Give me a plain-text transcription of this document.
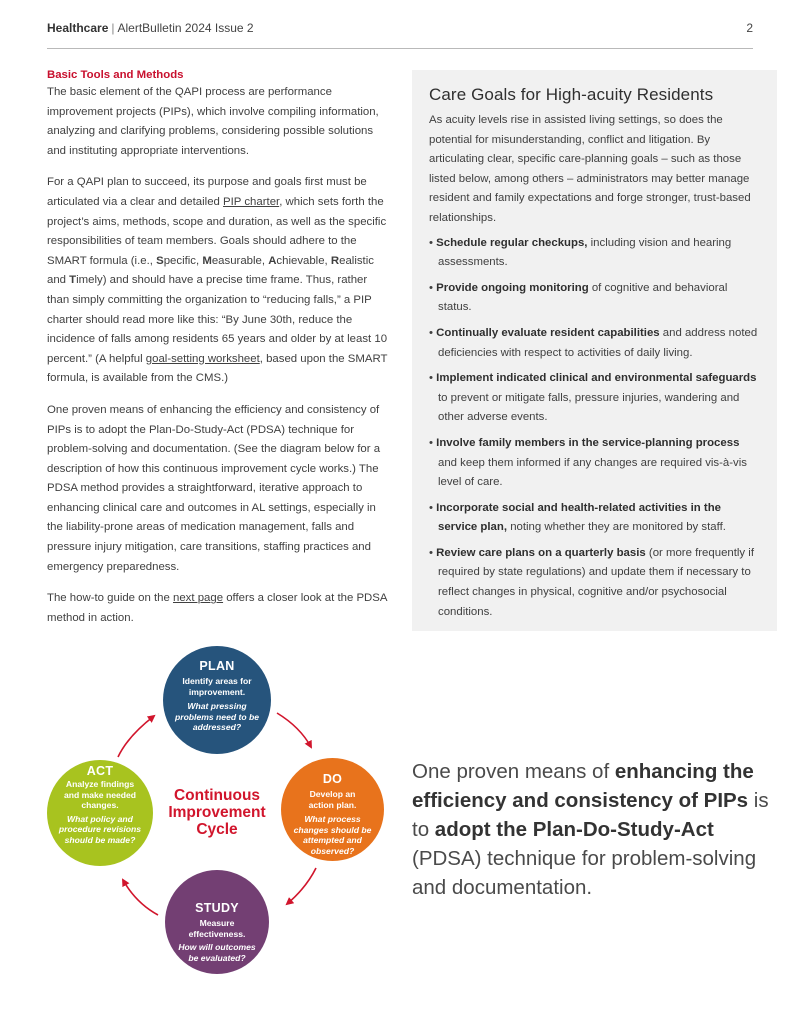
Healthcare | AlertBulletin 2024 Issue 2	2
Basic Tools and Methods

The basic element of the QAPI process are performance improvement projects (PIPs), which involve compiling information, analyzing and clarifying problems, considering possible solutions and instituting appropriate interventions.

For a QAPI plan to succeed, its purpose and goals first must be articulated via a clear and detailed PIP charter, which sets forth the project’s aims, methods, scope and duration, as well as the specific responsibilities of team members. Goals should adhere to the SMART formula (i.e., Specific, Measurable, Achievable, Realistic and Timely) and should have a precise time frame. Thus, rather than simply committing the organization to “reducing falls,” a PIP charter should read more like this: “By June 30th, reduce the incidence of falls among residents 65 years and older by at least 10 percent.” (A helpful goal-setting worksheet, based upon the SMART formula, is available from the CMS.)

One proven means of enhancing the efficiency and consistency of PIPs is to adopt the Plan-Do-Study-Act (PDSA) technique for problem-solving and documentation. (See the diagram below for a description of how this continuous improvement cycle works.) The PDSA method provides a straightforward, iterative approach to enhancing clinical care and outcomes in AL settings, especially in the liability-prone areas of medication management, falls and pressure injury mitigation, care transitions, staffing practices and emergency preparedness.

The how-to guide on the next page offers a closer look at the PDSA method in action.

Care Goals for High-acuity Residents

As acuity levels rise in assisted living settings, so does the potential for misunderstanding, conflict and litigation. By articulating clear, specific care-planning goals – such as those listed below, among others – administrators may better manage resident and family expectations and forge stronger, trust-based relationships.

• Schedule regular checkups, including vision and hearing assessments.
• Provide ongoing monitoring of cognitive and behavioral status.
• Continually evaluate resident capabilities and address noted deficiencies with respect to activities of daily living.
• Implement indicated clinical and environmental safeguards to prevent or mitigate falls, pressure injuries, wandering and other adverse events.
• Involve family members in the service-planning process and keep them informed if any changes are required vis-à-vis level of care.
• Incorporate social and health-related activities in the service plan, noting whether they are monitored by staff.
• Review care plans on a quarterly basis (or more frequently if required by state regulations) and update them if necessary to reflect changes in physical, cognitive and/or psychosocial conditions.
PLAN
Identify areas for improvement.
What pressing problems need to be addressed?
DO
Develop an action plan.
What process changes should be attempted and observed?
STUDY
Measure effectiveness.
How will outcomes be evaluated?
ACT
Analyze findings and make needed changes.
What policy and procedure revisions should be made?
Continuous
Improvement
Cycle
One proven means of enhancing the efficiency and consistency of PIPs is to adopt the Plan-Do-Study-Act (PDSA) technique for problem-solving and documentation.
